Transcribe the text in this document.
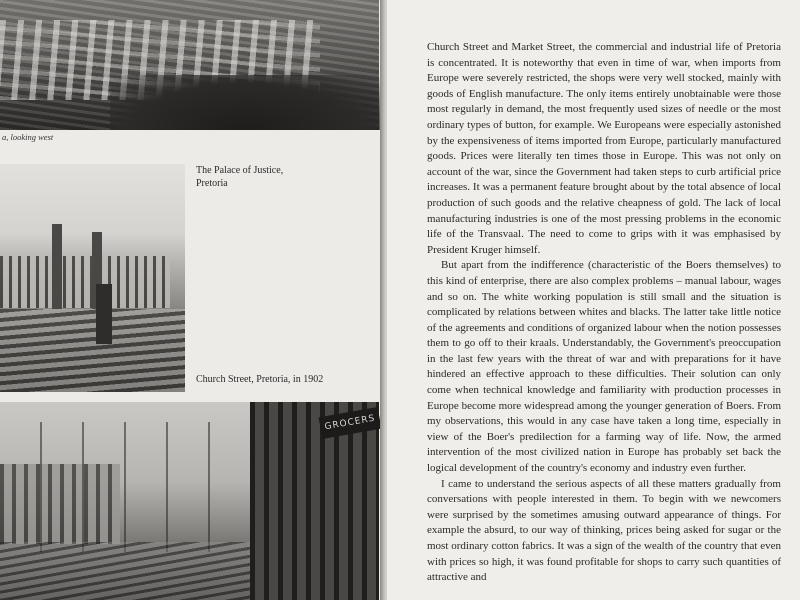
a, looking west
The Palace of Justice, Pretoria
Church Street, Pretoria, in 1902
GROCERS

Church Street and Market Street, the commercial and industrial life of Pretoria is concentrated. It is noteworthy that even in time of war, when imports from Europe were severely restricted, the shops were very well stocked, mainly with goods of English manufacture. The only items entirely unobtainable were those most regularly in demand, the most frequently used sizes of needle or the most ordinary types of button, for example. We Europeans were especially astonished by the expensiveness of items imported from Europe, particularly manufactured goods. Prices were literally ten times those in Europe. This was not only on account of the war, since the Government had taken steps to curb artificial price increases. It was a permanent feature brought about by the total absence of local production of such goods and the relative cheapness of gold. The lack of local manufacturing industries is one of the most pressing problems in the economic life of the Transvaal. The need to come to grips with it was emphasised by President Kruger himself.

But apart from the indifference (characteristic of the Boers themselves) to this kind of enterprise, there are also complex problems – manual labour, wages and so on. The white working population is still small and the situation is complicated by relations between whites and blacks. The latter take little notice of the agreements and conditions of organized labour when the notion possesses them to go off to their kraals. Understandably, the Government's preoccupation in the last few years with the threat of war and with preparations for it have hindered an effective approach to these difficulties. Their solution can only come when technical knowledge and familiarity with production processes in Europe become more widespread among the younger generation of Boers. From my observations, this would in any case have taken a long time, especially in view of the Boer's predilection for a farming way of life. Now, the armed intervention of the most civilized nation in Europe has probably set back the logical development of the country's economy and industry even further.

I came to understand the serious aspects of all these matters gradually from conversations with people interested in them. To begin with we newcomers were surprised by the sometimes amusing outward appearance of things. For example the absurd, to our way of thinking, prices being asked for sugar or the most ordinary cotton fabrics. It was a sign of the wealth of the country that even with prices so high, it was found profitable for shops to carry such quantities of attractive and
